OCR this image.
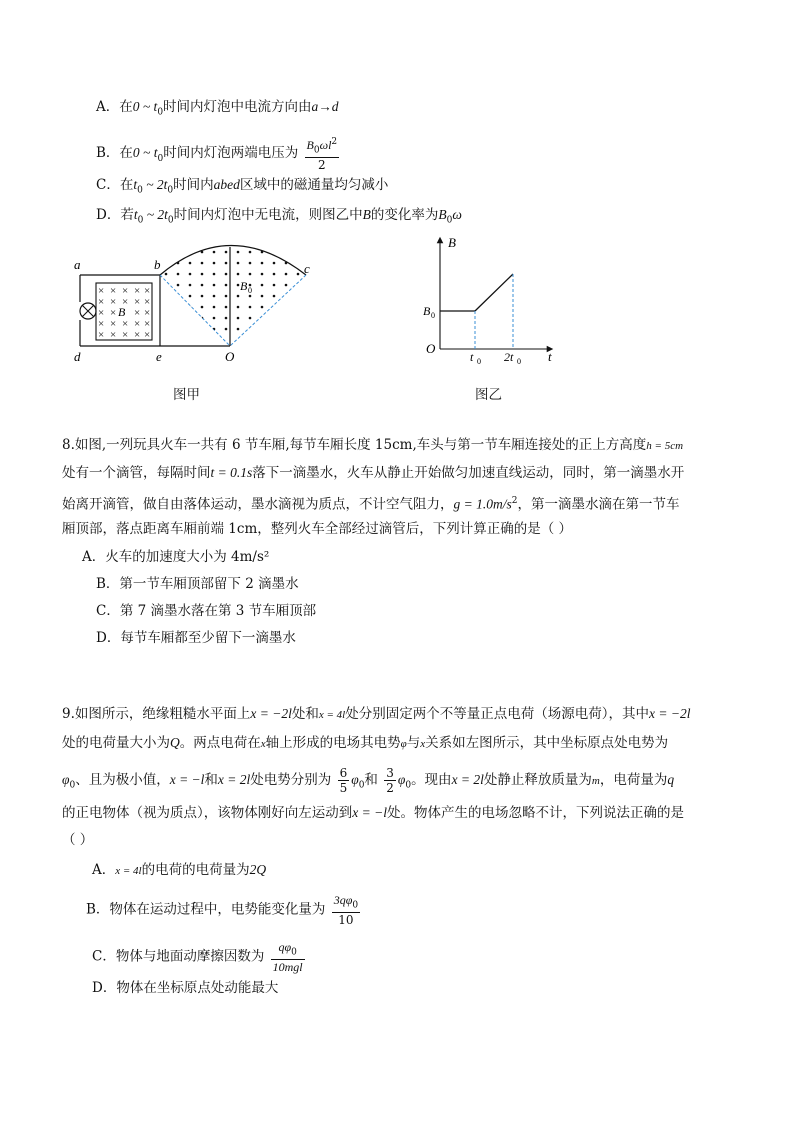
A．在0 ~ $t_0$时间内灯泡中电流方向由a→d
B．在0 ~ $t_0$时间内灯泡两端电压为 $\frac{B_0\omega l^2}{2}$
C．在$t_0$ ~ $2t_0$时间内abed区域中的磁通量均匀减小
D．若$t_0$ ~ $2t_0$时间内灯泡中无电流，则图乙中B的变化率为$B_0\omega$
× × × × ×
× × × × ×
× × × ×
× × × × ×
× × × × ×
B
B 0
a	b	c
d	e	O
图甲
B
B 0
O
t 0 2t 0 t
图乙
8.如图,一列玩具火车一共有 6 节车厢,每节车厢长度 15cm,车头与第一节车厢连接处的正上方高度h = 5cm
处有一个滴管，每隔时间t = 0.1s落下一滴墨水，火车从静止开始做匀加速直线运动，同时，第一滴墨水开
始离开滴管，做自由落体运动，墨水滴视为质点，不计空气阻力，$g = 1.0m/s^2$，第一滴墨水滴在第一节车
厢顶部，落点距离车厢前端 1cm，整列火车全部经过滴管后，下列计算正确的是（ ）
A．火车的加速度大小为 4m/s²
B．第一节车厢顶部留下 2 滴墨水
C．第 7 滴墨水落在第 3 节车厢顶部
D．每节车厢都至少留下一滴墨水
9.如图所示，绝缘粗糙水平面上x = −2l处和x = 4l处分别固定两个不等量正点电荷（场源电荷），其中x = −2l
处的电荷量大小为Q。两点电荷在x轴上形成的电场其电势φ与x关系如左图所示，其中坐标原点处电势为
$\varphi_0$、且为极小值，x = −l和x = 2l处电势分别为 $\frac{6}{5} \varphi_0$和 $\frac{3}{2} \varphi_0$。现由x = 2l处静止释放质量为m，电荷量为q
的正电物体（视为质点），该物体刚好向左运动到x = −l处。物体产生的电场忽略不计，下列说法正确的是
（ ）
A．x = 4l的电荷的电荷量为2Q
B．物体在运动过程中，电势能变化量为 $\frac{3q\varphi_0}{10}$
C．物体与地面动摩擦因数为 $\frac{q\varphi_0}{\text{10mgl}}$
D．物体在坐标原点处动能最大
